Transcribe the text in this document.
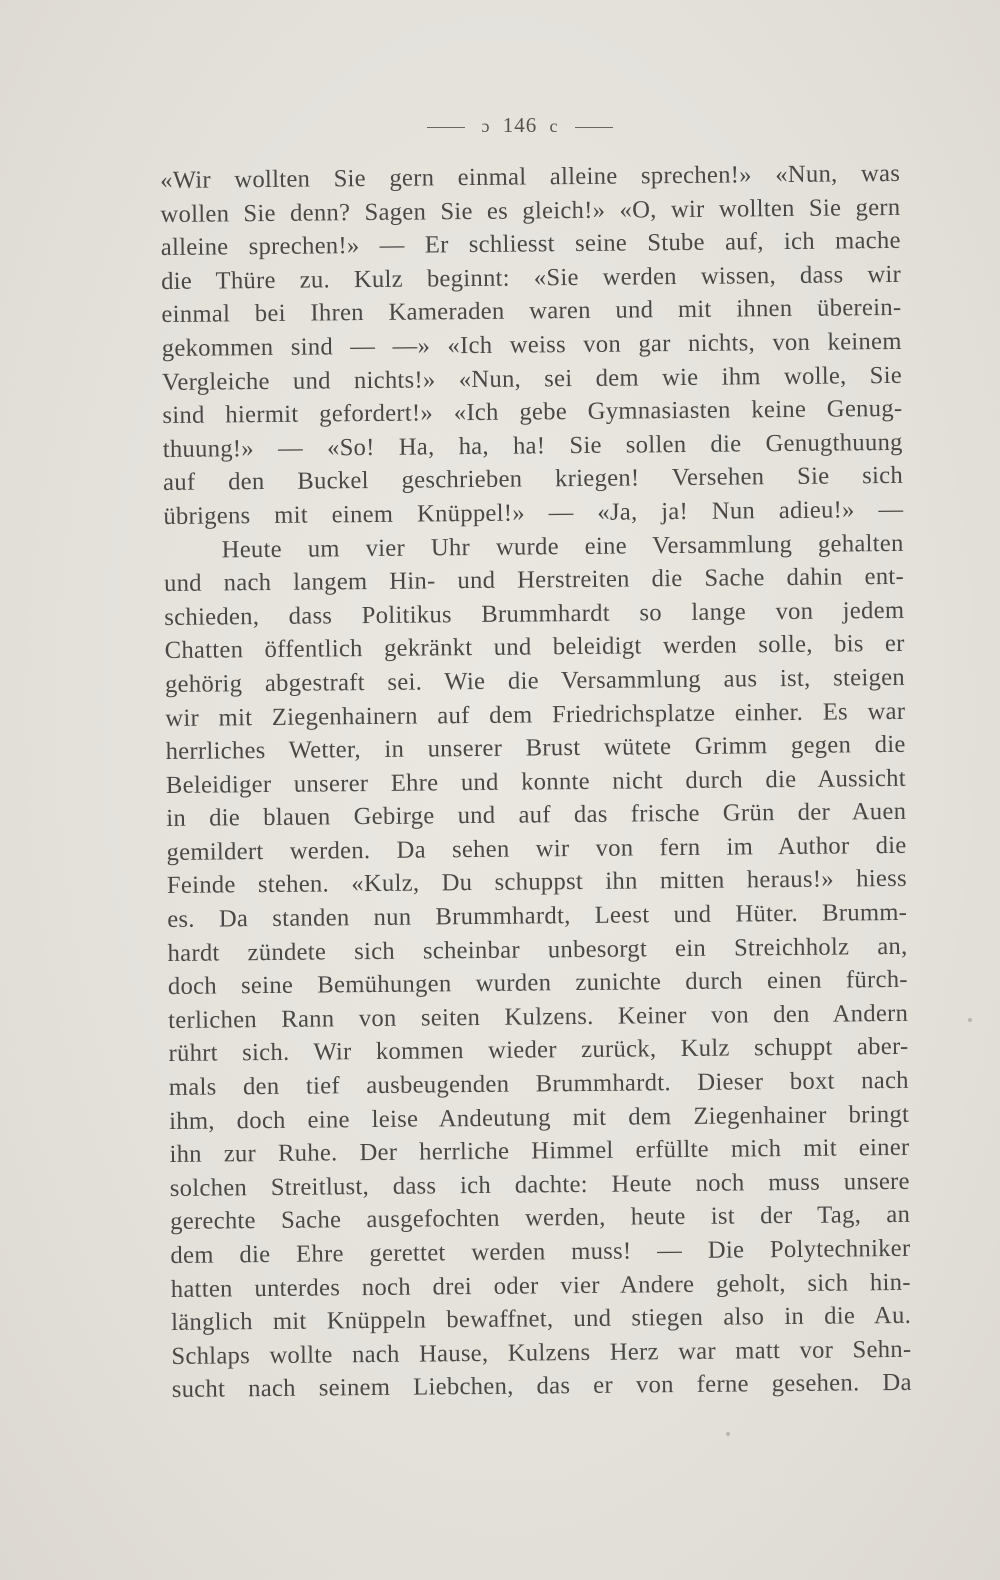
ɔ 146 c
«Wir wollten Sie gern einmal alleine sprechen!» «Nun, was
wollen Sie denn? Sagen Sie es gleich!» «O, wir wollten Sie gern
alleine sprechen!» — Er schliesst seine Stube auf, ich mache
die Thüre zu. Kulz beginnt: «Sie werden wissen, dass wir
einmal bei Ihren Kameraden waren und mit ihnen überein-
gekommen sind — —» «Ich weiss von gar nichts, von keinem
Vergleiche und nichts!» «Nun, sei dem wie ihm wolle, Sie
sind hiermit gefordert!» «Ich gebe Gymnasiasten keine Genug-
thuung!» — «So! Ha, ha, ha! Sie sollen die Genugthuung
auf den Buckel geschrieben kriegen! Versehen Sie sich
übrigens mit einem Knüppel!» — «Ja, ja! Nun adieu!» —
Heute um vier Uhr wurde eine Versammlung gehalten
und nach langem Hin- und Herstreiten die Sache dahin ent-
schieden, dass Politikus Brummhardt so lange von jedem
Chatten öffentlich gekränkt und beleidigt werden solle, bis er
gehörig abgestraft sei. Wie die Versammlung aus ist, steigen
wir mit Ziegenhainern auf dem Friedrichsplatze einher. Es war
herrliches Wetter, in unserer Brust wütete Grimm gegen die
Beleidiger unserer Ehre und konnte nicht durch die Aussicht
in die blauen Gebirge und auf das frische Grün der Auen
gemildert werden. Da sehen wir von fern im Author die
Feinde stehen. «Kulz, Du schuppst ihn mitten heraus!» hiess
es. Da standen nun Brummhardt, Leest und Hüter. Brumm-
hardt zündete sich scheinbar unbesorgt ein Streichholz an,
doch seine Bemühungen wurden zunichte durch einen fürch-
terlichen Rann von seiten Kulzens. Keiner von den Andern
rührt sich. Wir kommen wieder zurück, Kulz schuppt aber-
mals den tief ausbeugenden Brummhardt. Dieser boxt nach
ihm, doch eine leise Andeutung mit dem Ziegenhainer bringt
ihn zur Ruhe. Der herrliche Himmel erfüllte mich mit einer
solchen Streitlust, dass ich dachte: Heute noch muss unsere
gerechte Sache ausgefochten werden, heute ist der Tag, an
dem die Ehre gerettet werden muss! — Die Polytechniker
hatten unterdes noch drei oder vier Andere geholt, sich hin-
länglich mit Knüppeln bewaffnet, und stiegen also in die Au.
Schlaps wollte nach Hause, Kulzens Herz war matt vor Sehn-
sucht nach seinem Liebchen, das er von ferne gesehen. Da
